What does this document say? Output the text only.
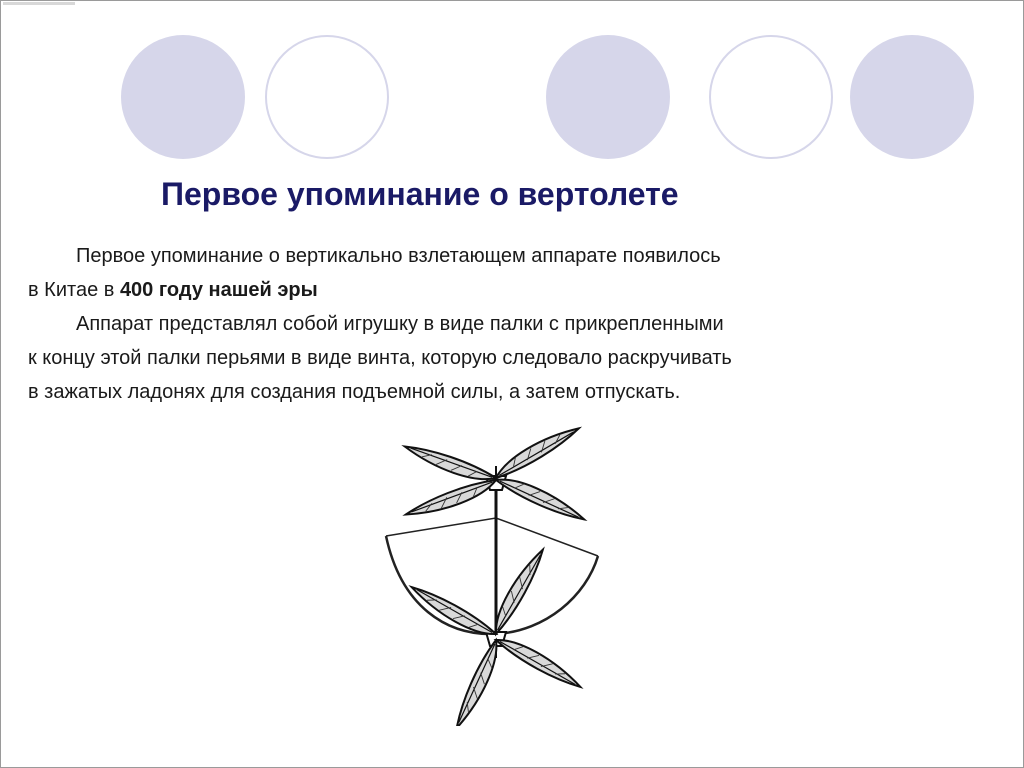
Первое упоминание о вертолете

Первое упоминание о вертикально взлетающем аппарате появилось

в Китае в 400 году нашей эры

Аппарат представлял собой игрушку в виде палки с прикрепленными

к концу этой палки перьями в виде винта, которую следовало раскручивать

в зажатых ладонях для создания подъемной силы, а затем отпускать.
